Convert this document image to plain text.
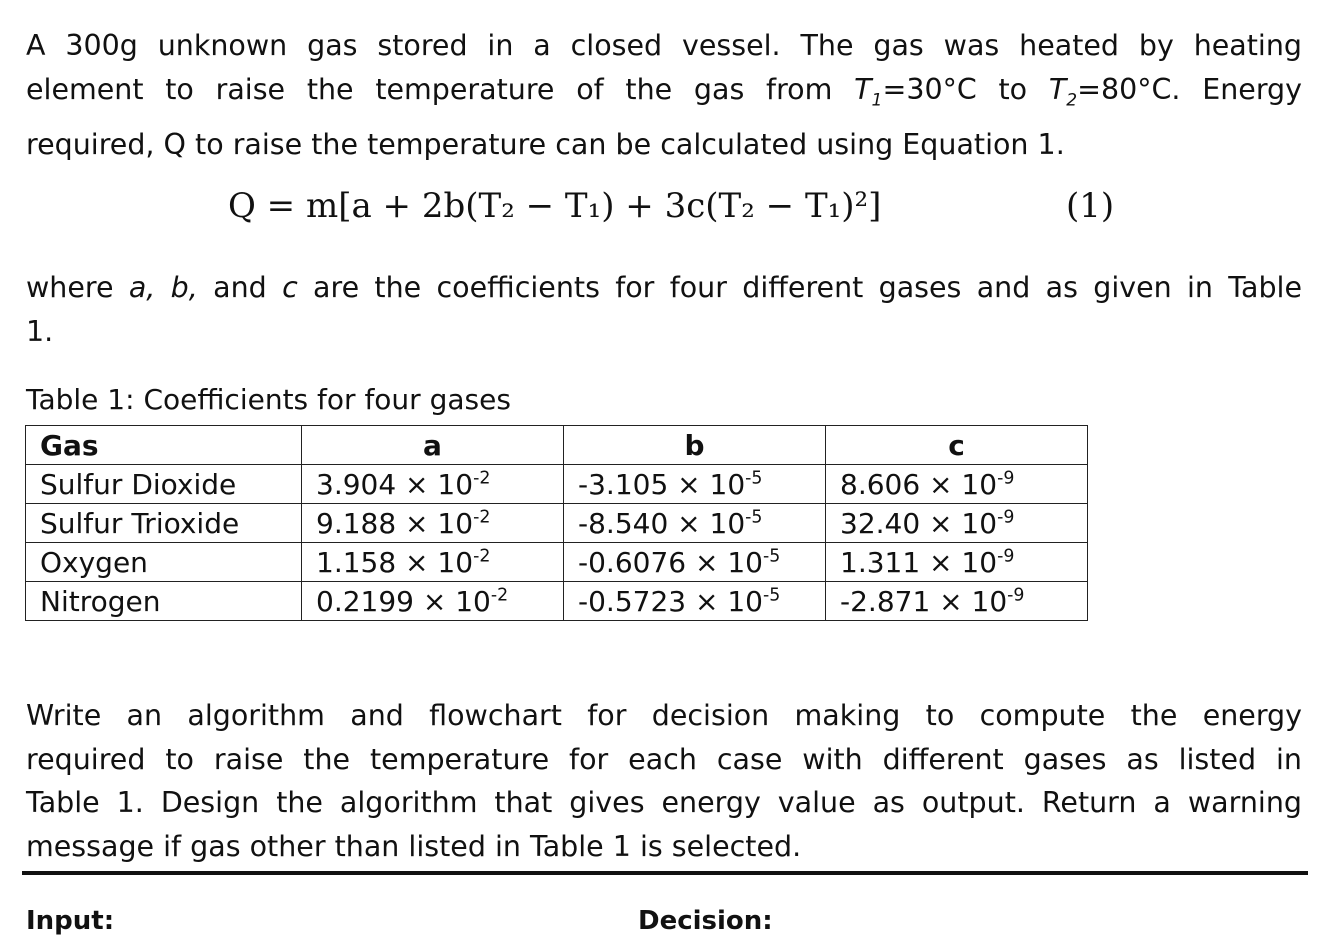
A 300g unknown gas stored in a closed vessel. The gas was heated by heating
element to raise the temperature of the gas from $T_1=30^\circ C$ to $T_2=80^\circ C$. Energy
required, Q to raise the temperature can be calculated using Equation 1.
Q = m[a + 2b(T₂ − T₁) + 3c(T₂ − T₁)²]	(1)
where a, b, and c are the coefficients for four different gases and as given in Table
1.

Table 1: Coefficients for four gases

Gas	a	b	c
Sulfur Dioxide	$3.904 \times 10^{-2}$	$-3.105 \times 10^{-5}$	$8.606 \times 10^{-9}$
Sulfur Trioxide	$9.188 \times 10^{-2}$	$-8.540 \times 10^{-5}$	$32.40 \times 10^{-9}$
Oxygen	$1.158 \times 10^{-2}$	$-0.6076 \times 10^{-5}$	$1.311 \times 10^{-9}$
Nitrogen	$0.2199 \times 10^{-2}$	$-0.5723 \times 10^{-5}$	$-2.871 \times 10^{-9}$
Write an algorithm and flowchart for decision making to compute the energy
required to raise the temperature for each case with different gases as listed in
Table 1. Design the algorithm that gives energy value as output. Return a warning
message if gas other than listed in Table 1 is selected.
Input:	Decision:
